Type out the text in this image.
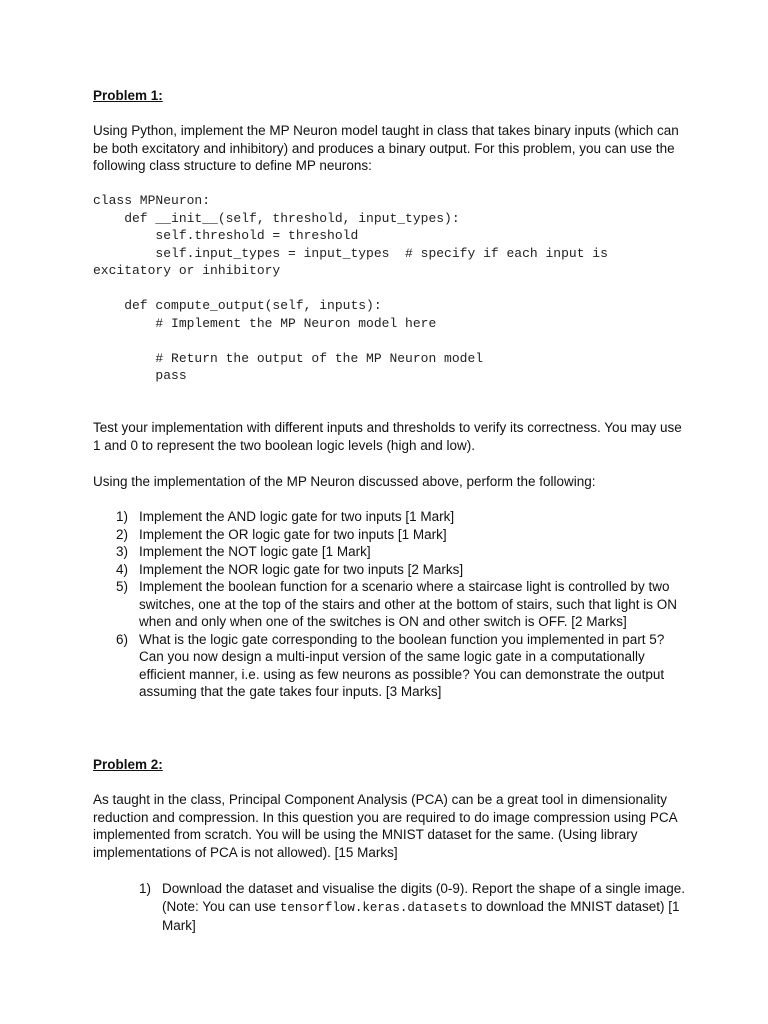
Problem 1:
Using Python, implement the MP Neuron model taught in class that takes binary inputs (which can be both excitatory and inhibitory) and produces a binary output. For this problem, you can use the following class structure to define MP neurons:
class MPNeuron:
def __init__(self, threshold, input_types):
self.threshold = threshold
self.input_types = input_types  # specify if each input is
excitatory or inhibitory

def compute_output(self, inputs):
# Implement the MP Neuron model here

# Return the output of the MP Neuron model
pass
Test your implementation with different inputs and thresholds to verify its correctness. You may use 1 and 0 to represent the two boolean logic levels (high and low).
Using the implementation of the MP Neuron discussed above, perform the following:
1) Implement the AND logic gate for two inputs [1 Mark]
2) Implement the OR logic gate for two inputs [1 Mark]
3) Implement the NOT logic gate [1 Mark]
4) Implement the NOR logic gate for two inputs [2 Marks]
5) Implement the boolean function for a scenario where a staircase light is controlled by two switches, one at the top of the stairs and other at the bottom of stairs, such that light is ON when and only when one of the switches is ON and other switch is OFF. [2 Marks]
6) What is the logic gate corresponding to the boolean function you implemented in part 5? Can you now design a multi-input version of the same logic gate in a computationally efficient manner, i.e. using as few neurons as possible? You can demonstrate the output assuming that the gate takes four inputs. [3 Marks]
Problem 2:
As taught in the class, Principal Component Analysis (PCA) can be a great tool in dimensionality reduction and compression. In this question you are required to do image compression using PCA implemented from scratch. You will be using the MNIST dataset for the same. (Using library implementations of PCA is not allowed). [15 Marks]
1) Download the dataset and visualise the digits (0-9). Report the shape of a single image. (Note: You can use tensorflow.keras.datasets to download the MNIST dataset) [1 Mark]
